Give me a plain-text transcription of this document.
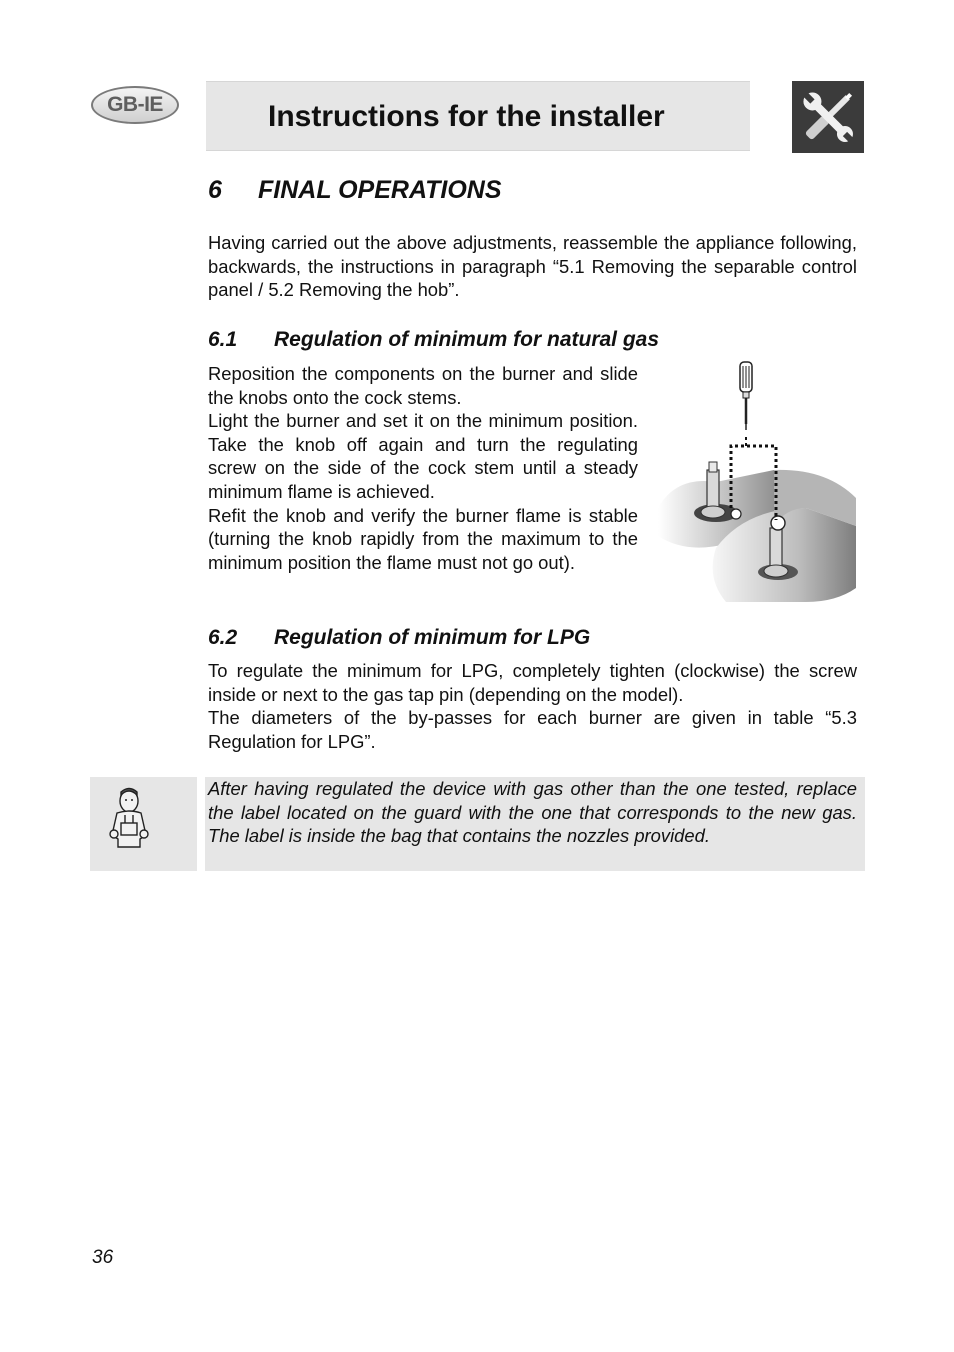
GB-IE	Instructions for the installer
6 FINAL OPERATIONS

Having carried out the above adjustments, reassemble the appliance following, backwards, the instructions in paragraph “5.1 Removing the separable control panel / 5.2 Removing the hob”.

6.1 Regulation of minimum for natural gas

Reposition the components on the burner and slide the knobs onto the cock stems.
Light the burner and set it on the minimum position. Take the knob off again and turn the regulating screw on the side of the cock stem until a steady minimum flame is achieved.
Refit the knob and verify the burner flame is stable (turning the knob rapidly from the maximum to the minimum position the flame must not go out).

6.2 Regulation of minimum for LPG

To regulate the minimum for LPG, completely tighten (clockwise) the screw inside or next to the gas tap pin (depending on the model).
The diameters of the by-passes for each burner are given in table “5.3 Regulation for LPG”.

After having regulated the device with gas other than the one tested, replace the label located on the guard with the one that corresponds to the new gas. The label is inside the bag that contains the nozzles provided.

36
